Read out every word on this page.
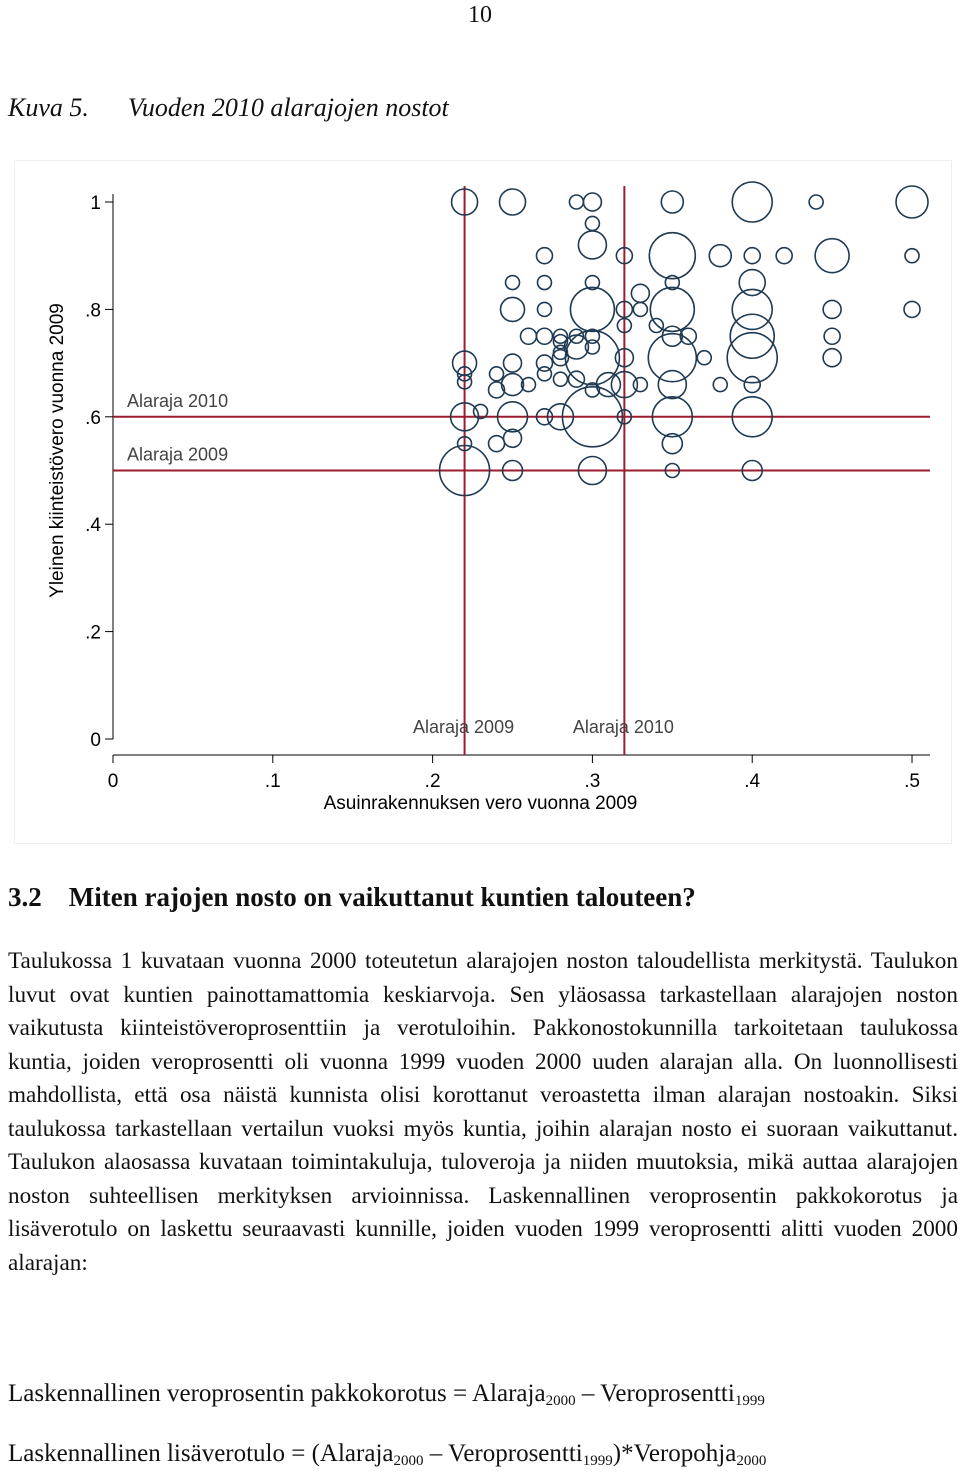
10
Kuva 5.      Vuoden 2010 alarajojen nostot
0
.2
.4
.6
.8
1
0	.1	.2	.3	.4	.5
Asuinrakennuksen vero vuonna 2009
Yleinen kiinteistövero vuonna 2009	Alaraja 2010
Alaraja 2009
Alaraja 2009	Alaraja 2010
3.2    Miten rajojen nosto on vaikuttanut kuntien talouteen?

Taulukossa 1 kuvataan vuonna 2000 toteutetun alarajojen noston taloudellista merkitystä. Taulukon luvut ovat kuntien painottamattomia keskiarvoja. Sen yläosassa tarkastellaan alarajojen noston vaikutusta kiinteistöveroprosenttiin ja verotuloihin. Pakkonostokunnilla tarkoitetaan taulukossa kuntia, joiden veroprosentti oli vuonna 1999 vuoden 2000 uuden alarajan alla. On luonnollisesti mahdollista, että osa näistä kunnista olisi korottanut veroastetta ilman alarajan nostoakin. Siksi taulukossa tarkastellaan vertailun vuoksi myös kuntia, joihin alarajan nosto ei suoraan vaikuttanut. Taulukon alaosassa kuvataan toimintakuluja, tuloveroja ja niiden muutoksia, mikä auttaa alarajojen noston suhteellisen merkityksen arvioinnissa. Laskennallinen veroprosentin pakkokorotus ja lisäverotulo on laskettu seuraavasti kunnille, joiden vuoden 1999 veroprosentti alitti vuoden 2000 alarajan:

Laskennallinen veroprosentin pakkokorotus = Alaraja$_{2000}$ – Veroprosentti$_{1999}$
Laskennallinen lisäverotulo = (Alaraja$_{2000}$ – Veroprosentti$_{1999}$)*Veropohja$_{2000}$
